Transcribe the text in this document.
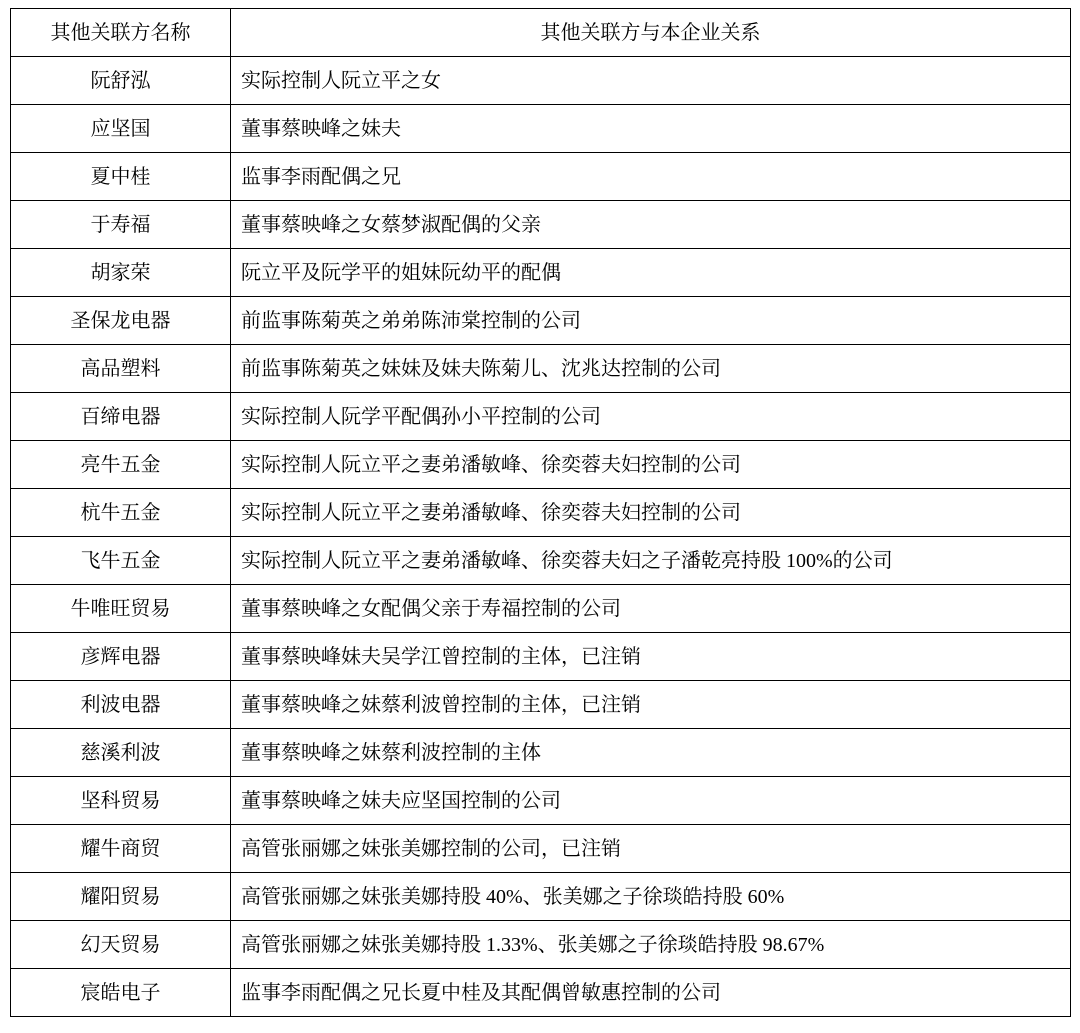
其他关联方名称	其他关联方与本企业关系
阮舒泓	实际控制人阮立平之女
应坚国	董事蔡映峰之妹夫
夏中桂	监事李雨配偶之兄
于寿福	董事蔡映峰之女蔡梦淑配偶的父亲
胡家荣	阮立平及阮学平的姐妹阮幼平的配偶
圣保龙电器	前监事陈菊英之弟弟陈沛棠控制的公司
高品塑料	前监事陈菊英之妹妹及妹夫陈菊儿、沈兆达控制的公司
百缔电器	实际控制人阮学平配偶孙小平控制的公司
亮牛五金	实际控制人阮立平之妻弟潘敏峰、徐奕蓉夫妇控制的公司
杭牛五金	实际控制人阮立平之妻弟潘敏峰、徐奕蓉夫妇控制的公司
飞牛五金	实际控制人阮立平之妻弟潘敏峰、徐奕蓉夫妇之子潘乾亮持股 100%的公司
牛唯旺贸易	董事蔡映峰之女配偶父亲于寿福控制的公司
彦辉电器	董事蔡映峰妹夫吴学江曾控制的主体，已注销
利波电器	董事蔡映峰之妹蔡利波曾控制的主体，已注销
慈溪利波	董事蔡映峰之妹蔡利波控制的主体
坚科贸易	董事蔡映峰之妹夫应坚国控制的公司
耀牛商贸	高管张丽娜之妹张美娜控制的公司，已注销
耀阳贸易	高管张丽娜之妹张美娜持股 40%、张美娜之子徐琰皓持股 60%
幻天贸易	高管张丽娜之妹张美娜持股 1.33%、张美娜之子徐琰皓持股 98.67%
宸皓电子	监事李雨配偶之兄长夏中桂及其配偶曾敏惠控制的公司
